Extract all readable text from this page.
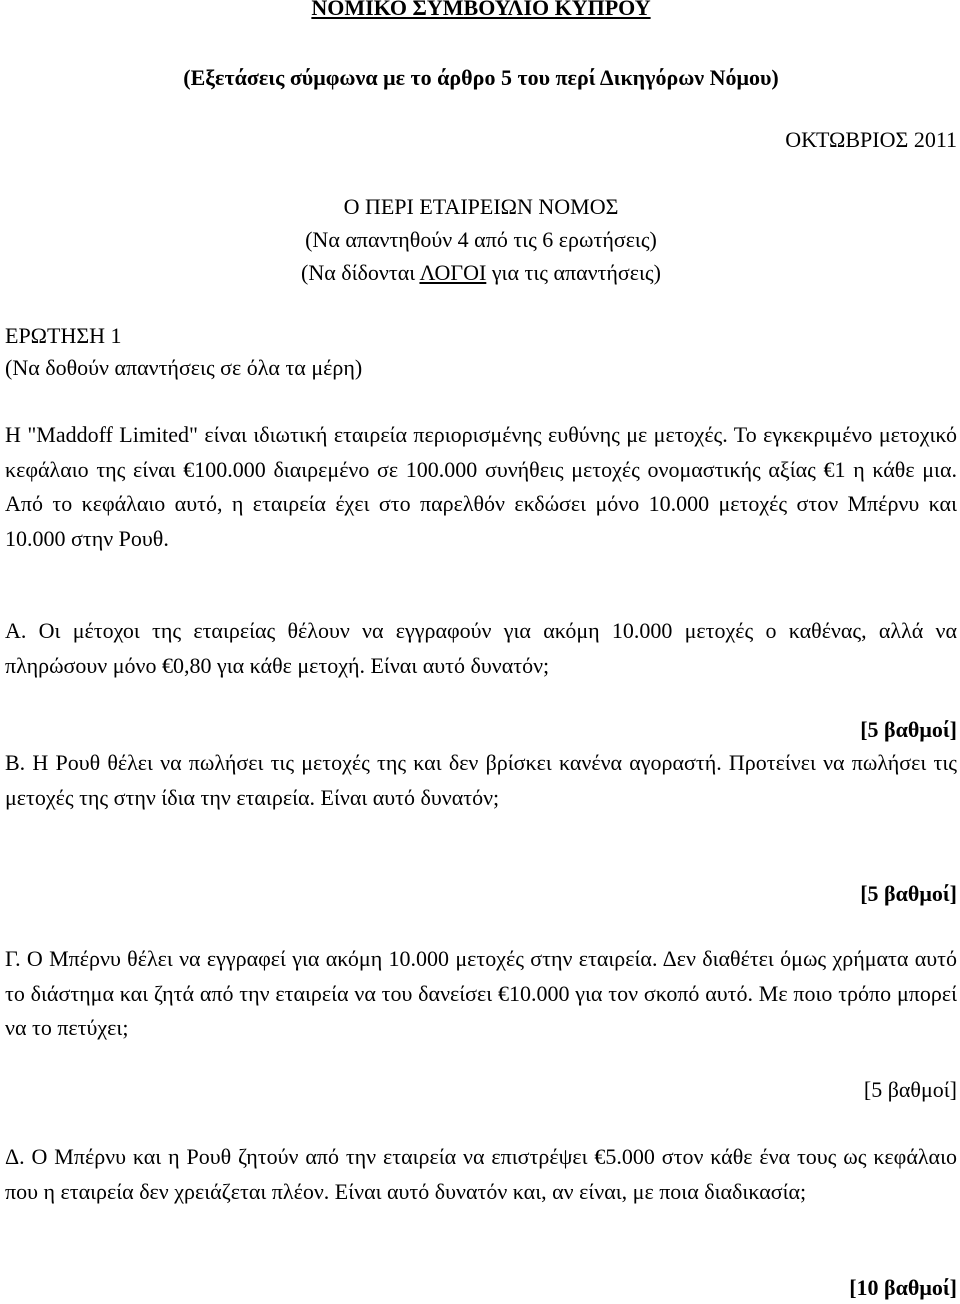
ΝΟΜΙΚΟ ΣΥΜΒΟΥΛΙΟ ΚΥΠΡΟΥ

(Εξετάσεις σύμφωνα με το άρθρο 5 του περί Δικηγόρων Νόμου)

ΟΚΤΩΒΡΙΟΣ 2011

Ο ΠΕΡΙ ΕΤΑΙΡΕΙΩΝ ΝΟΜΟΣ

(Να απαντηθούν 4 από τις 6 ερωτήσεις)

(Να δίδονται ΛΟΓΟΙ για τις απαντήσεις)

ΕΡΩΤΗΣΗ 1

(Να δοθούν απαντήσεις σε όλα τα μέρη)

Η "Maddoff Limited" είναι ιδιωτική εταιρεία περιορισμένης ευθύνης με μετοχές. Το εγκεκριμένο μετοχικό κεφάλαιο της είναι €100.000 διαιρεμένο σε 100.000 συνήθεις μετοχές ονομαστικής αξίας €1 η κάθε μια. Από το κεφάλαιο αυτό, η εταιρεία έχει στο παρελθόν εκδώσει μόνο 10.000 μετοχές στον Μπέρνυ και 10.000 στην Ρουθ.

Α. Οι μέτοχοι της εταιρείας θέλουν να εγγραφούν για ακόμη 10.000 μετοχές ο καθένας, αλλά να πληρώσουν μόνο €0,80 για κάθε μετοχή. Είναι αυτό δυνατόν;

[5 βαθμοί]

Β. Η Ρουθ θέλει να πωλήσει τις μετοχές της και δεν βρίσκει κανένα αγοραστή. Προτείνει να πωλήσει τις μετοχές της στην ίδια την εταιρεία. Είναι αυτό δυνατόν;

[5 βαθμοί]

Γ. Ο Μπέρνυ θέλει να εγγραφεί για ακόμη 10.000 μετοχές στην εταιρεία. Δεν διαθέτει όμως χρήματα αυτό το διάστημα και ζητά από την εταιρεία να του δανείσει €10.000 για τον σκοπό αυτό. Με ποιο τρόπο μπορεί να το πετύχει;

[5 βαθμοί]

Δ. Ο Μπέρνυ και η Ρουθ ζητούν από την εταιρεία να επιστρέψει €5.000 στον κάθε ένα τους ως κεφάλαιο που η εταιρεία δεν χρειάζεται πλέον. Είναι αυτό δυνατόν και, αν είναι, με ποια διαδικασία;

[10 βαθμοί]
